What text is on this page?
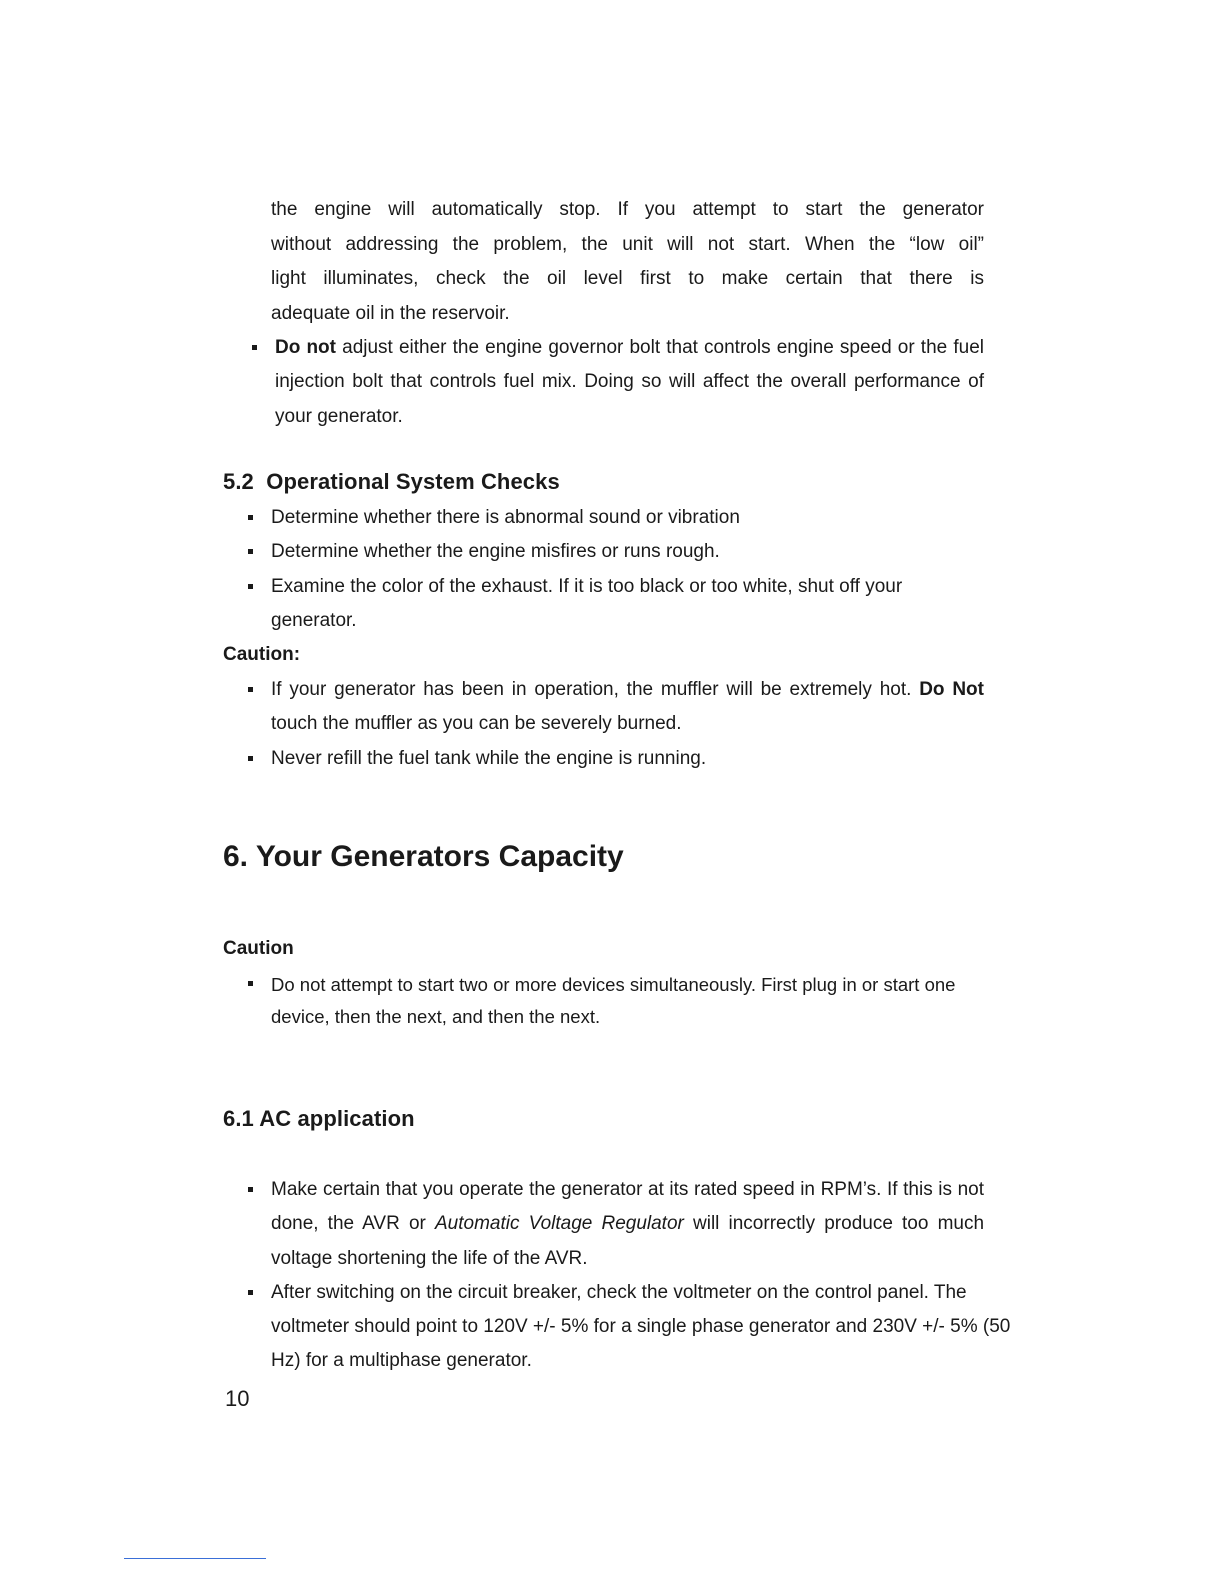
the engine will automatically stop. If you attempt to start the generator
without addressing the problem, the unit will not start. When the “low oil”
light illuminates, check the oil level first to make certain that there is
adequate oil in the reservoir.
Do not adjust either the engine governor bolt that controls engine speed or the fuel injection bolt that controls fuel mix. Doing so will affect the overall performance of your generator.
5.2  Operational System Checks
Determine whether there is abnormal sound or vibration
Determine whether the engine misfires or runs rough.
Examine the color of the exhaust. If it is too black or too white, shut off your generator.
Caution:
If your generator has been in operation, the muffler will be extremely hot. Do Not touch the muffler as you can be severely burned.
Never refill the fuel tank while the engine is running.
6. Your Generators Capacity
Caution
Do not attempt to start two or more devices simultaneously. First plug in or start one device, then the next, and then the next.
6.1 AC application
Make certain that you operate the generator at its rated speed in RPM’s. If this is not done, the AVR or Automatic Voltage Regulator will incorrectly produce too much voltage shortening the life of the AVR.
After switching on the circuit breaker, check the voltmeter on the control panel. The voltmeter should point to 120V +/- 5% for a single phase generator and 230V +/- 5% (50 Hz) for a multiphase generator.
10
